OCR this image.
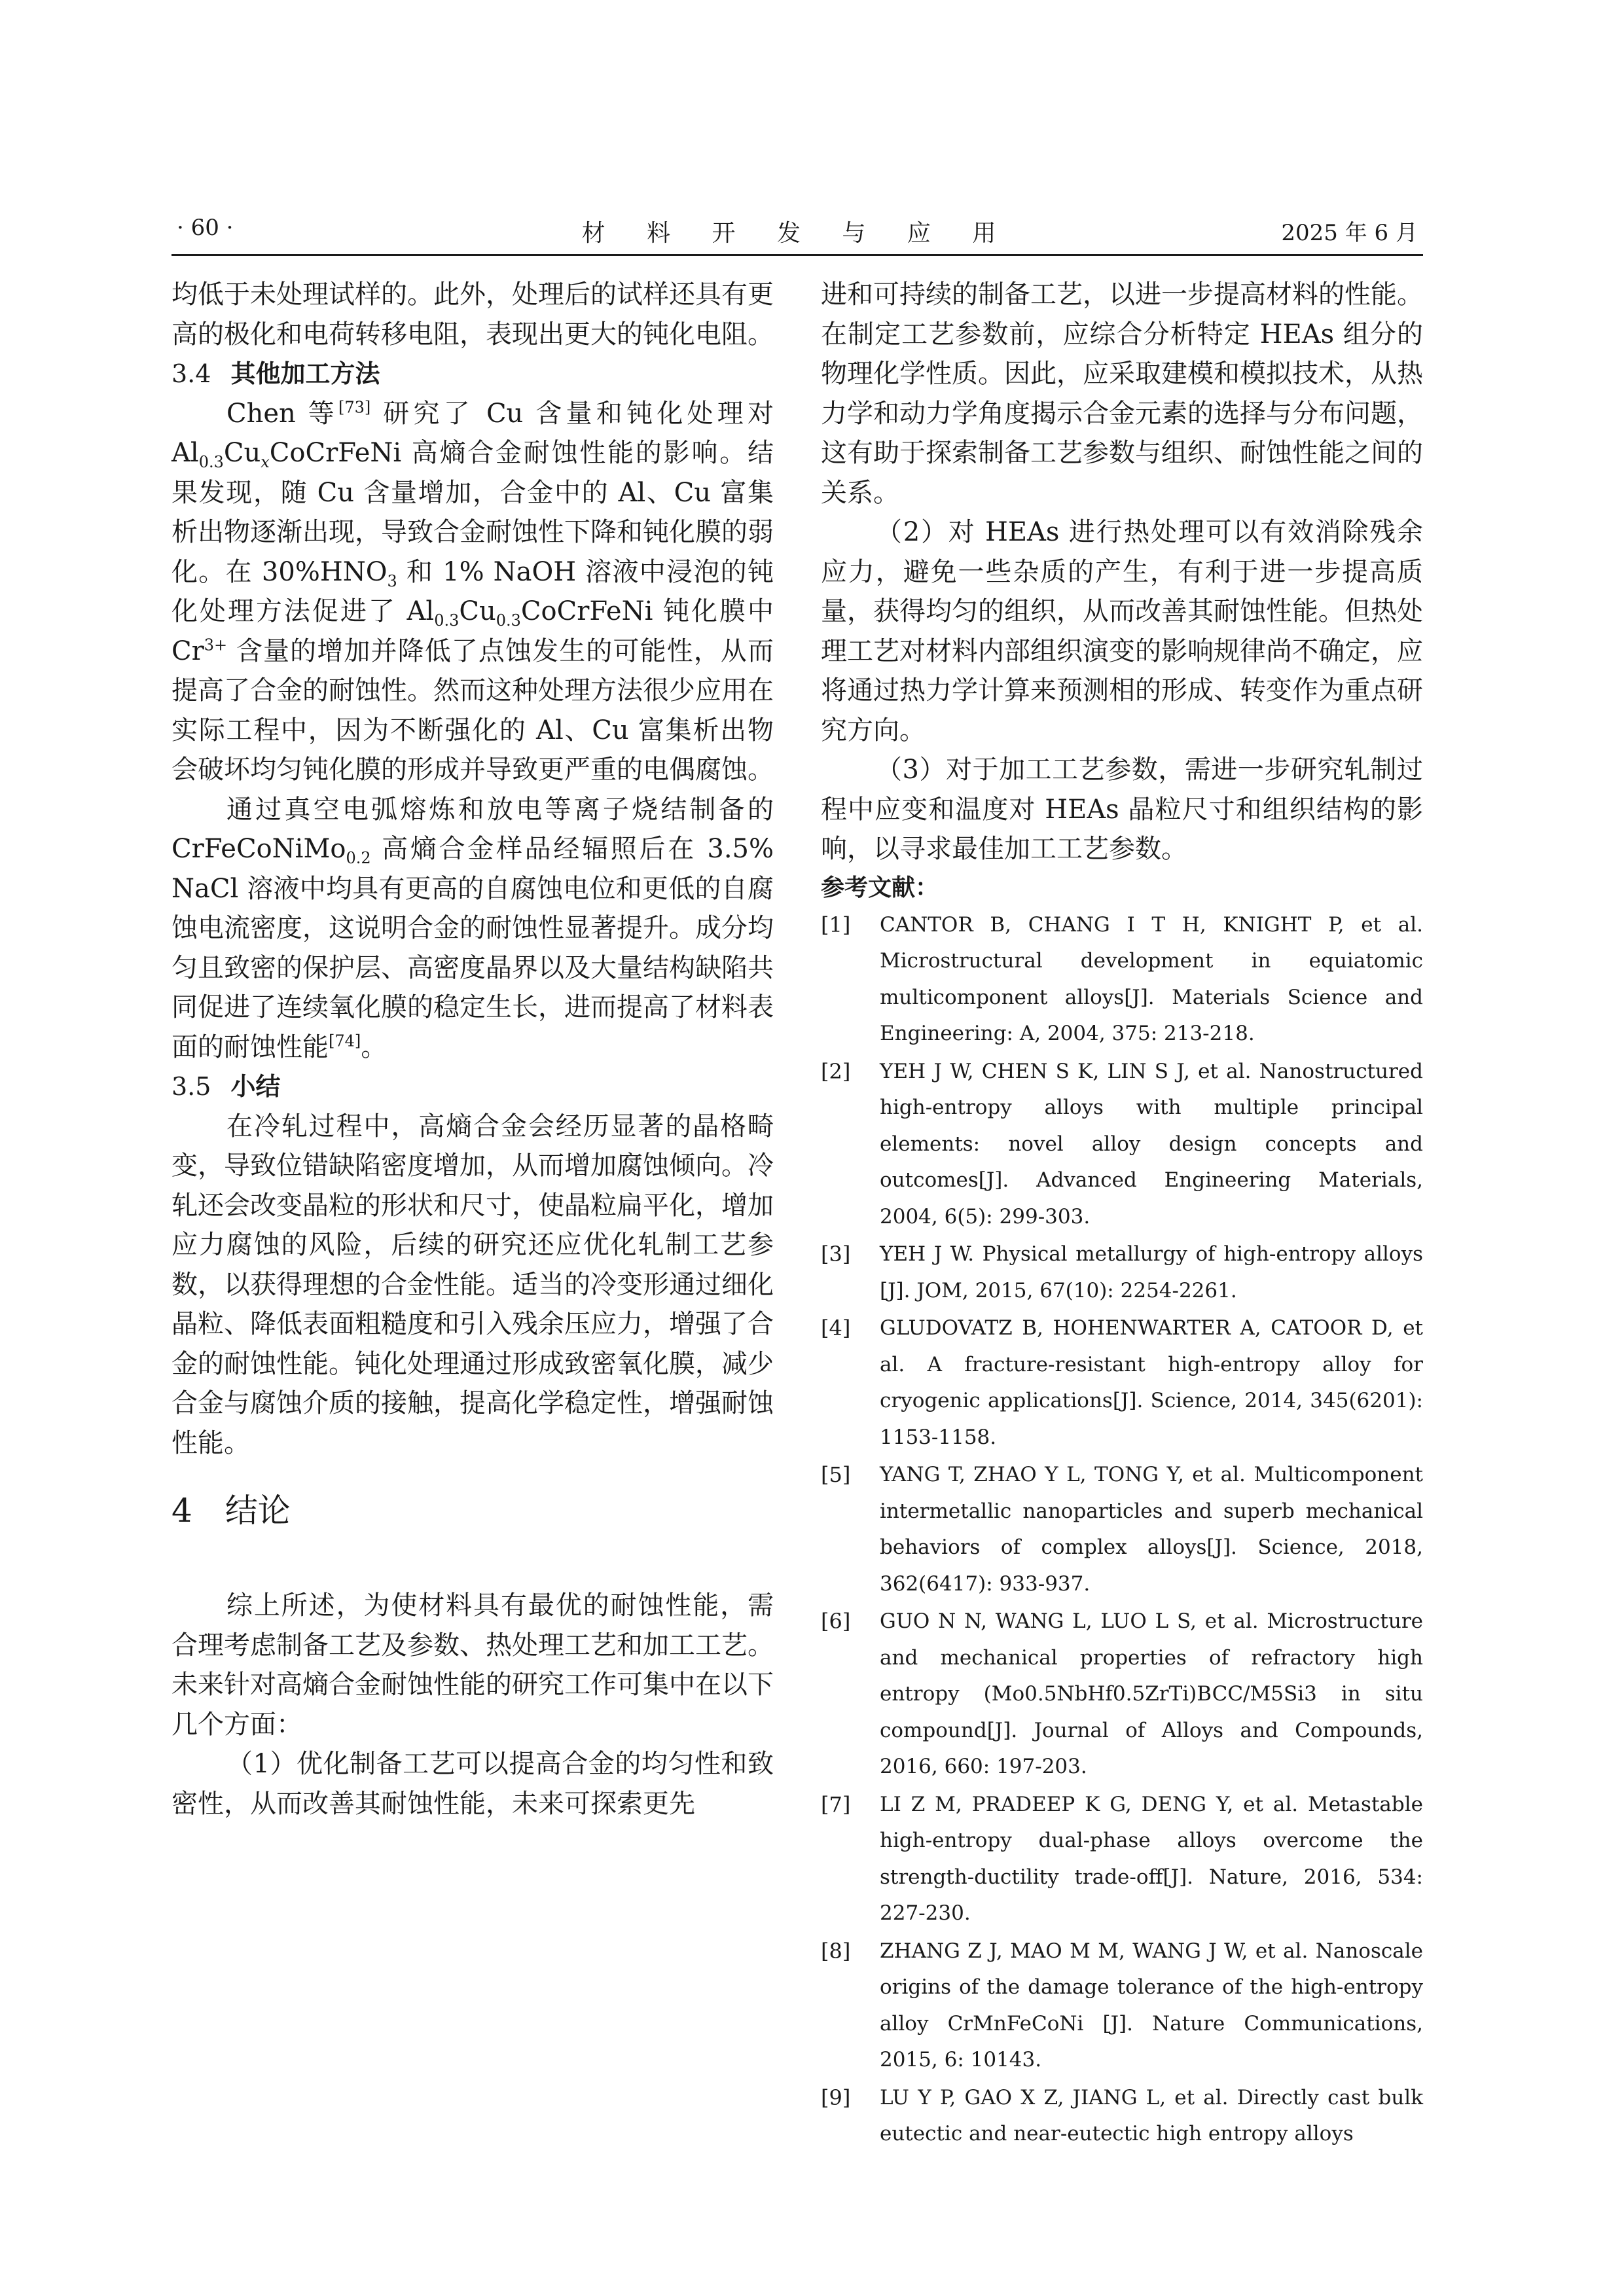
· 60 ·	材 料 开 发 与 应 用	2025 年 6 月

均低于未处理试样的。此外，处理后的试样还具有更高的极化和电荷转移电阻，表现出更大的钝化电阻。

3.4 其他加工方法

Chen 等[73] 研究了 Cu 含量和钝化处理对 $Al_{0.3}Cu_xCoCrFeNi$ 高熵合金耐蚀性能的影响。结果发现，随 Cu 含量增加，合金中的 Al、Cu 富集析出物逐渐出现，导致合金耐蚀性下降和钝化膜的弱化。在 $30\%HNO_3$ 和 1% NaOH 溶液中浸泡的钝化处理方法促进了 $Al_{0.3}Cu_{0.3}CoCrFeNi$ 钝化膜中 $Cr^{3+}$ 含量的增加并降低了点蚀发生的可能性，从而提高了合金的耐蚀性。然而这种处理方法很少应用在实际工程中，因为不断强化的 Al、Cu 富集析出物会破坏均匀钝化膜的形成并导致更严重的电偶腐蚀。

通过真空电弧熔炼和放电等离子烧结制备的 CrFeCoNiMo$_{0.2}$ 高熵合金样品经辐照后在 3.5% NaCl 溶液中均具有更高的自腐蚀电位和更低的自腐蚀电流密度，这说明合金的耐蚀性显著提升。成分均匀且致密的保护层、高密度晶界以及大量结构缺陷共同促进了连续氧化膜的稳定生长，进而提高了材料表面的耐蚀性能[74]。

3.5 小结

在冷轧过程中，高熵合金会经历显著的晶格畸变，导致位错缺陷密度增加，从而增加腐蚀倾向。冷轧还会改变晶粒的形状和尺寸，使晶粒扁平化，增加应力腐蚀的风险，后续的研究还应优化轧制工艺参数，以获得理想的合金性能。适当的冷变形通过细化晶粒、降低表面粗糙度和引入残余压应力，增强了合金的耐蚀性能。钝化处理通过形成致密氧化膜，减少合金与腐蚀介质的接触，提高化学稳定性，增强耐蚀性能。

4 结论

综上所述，为使材料具有最优的耐蚀性能，需合理考虑制备工艺及参数、热处理工艺和加工工艺。未来针对高熵合金耐蚀性能的研究工作可集中在以下几个方面：

（1）优化制备工艺可以提高合金的均匀性和致密性，从而改善其耐蚀性能，未来可探索更先

进和可持续的制备工艺，以进一步提高材料的性能。在制定工艺参数前，应综合分析特定 HEAs 组分的物理化学性质。因此，应采取建模和模拟技术，从热力学和动力学角度揭示合金元素的选择与分布问题，这有助于探索制备工艺参数与组织、耐蚀性能之间的关系。

（2）对 HEAs 进行热处理可以有效消除残余应力，避免一些杂质的产生，有利于进一步提高质量，获得均匀的组织，从而改善其耐蚀性能。但热处理工艺对材料内部组织演变的影响规律尚不确定，应将通过热力学计算来预测相的形成、转变作为重点研究方向。

（3）对于加工工艺参数，需进一步研究轧制过程中应变和温度对 HEAs 晶粒尺寸和组织结构的影响，以寻求最佳加工工艺参数。

参考文献：
[1]	CANTOR B, CHANG I T H, KNIGHT P, et al. Microstructural development in equiatomic multicomponent alloys[J]. Materials Science and Engineering: A, 2004, 375: 213-218.
[2]	YEH J W, CHEN S K, LIN S J, et al. Nanostructured high-entropy alloys with multiple principal elements: novel alloy design concepts and outcomes[J]. Advanced Engineering Materials, 2004, 6(5): 299-303.
[3]	YEH J W. Physical metallurgy of high-entropy alloys [J]. JOM, 2015, 67(10): 2254-2261.
[4]	GLUDOVATZ B, HOHENWARTER A, CATOOR D, et al. A fracture-resistant high-entropy alloy for cryogenic applications[J]. Science, 2014, 345(6201): 1153-1158.
[5]	YANG T, ZHAO Y L, TONG Y, et al. Multicomponent intermetallic nanoparticles and superb mechanical behaviors of complex alloys[J]. Science, 2018, 362(6417): 933-937.
[6]	GUO N N, WANG L, LUO L S, et al. Microstructure and mechanical properties of refractory high entropy (Mo0.5NbHf0.5ZrTi)BCC/M5Si3 in situ compound[J]. Journal of Alloys and Compounds, 2016, 660: 197-203.
[7]	LI Z M, PRADEEP K G, DENG Y, et al. Metastable high-entropy dual-phase alloys overcome the strength-ductility trade-off[J]. Nature, 2016, 534: 227-230.
[8]	ZHANG Z J, MAO M M, WANG J W, et al. Nanoscale origins of the damage tolerance of the high-entropy alloy CrMnFeCoNi [J]. Nature Communications, 2015, 6: 10143.
[9]	LU Y P, GAO X Z, JIANG L, et al. Directly cast bulk eutectic and near-eutectic high entropy alloys
